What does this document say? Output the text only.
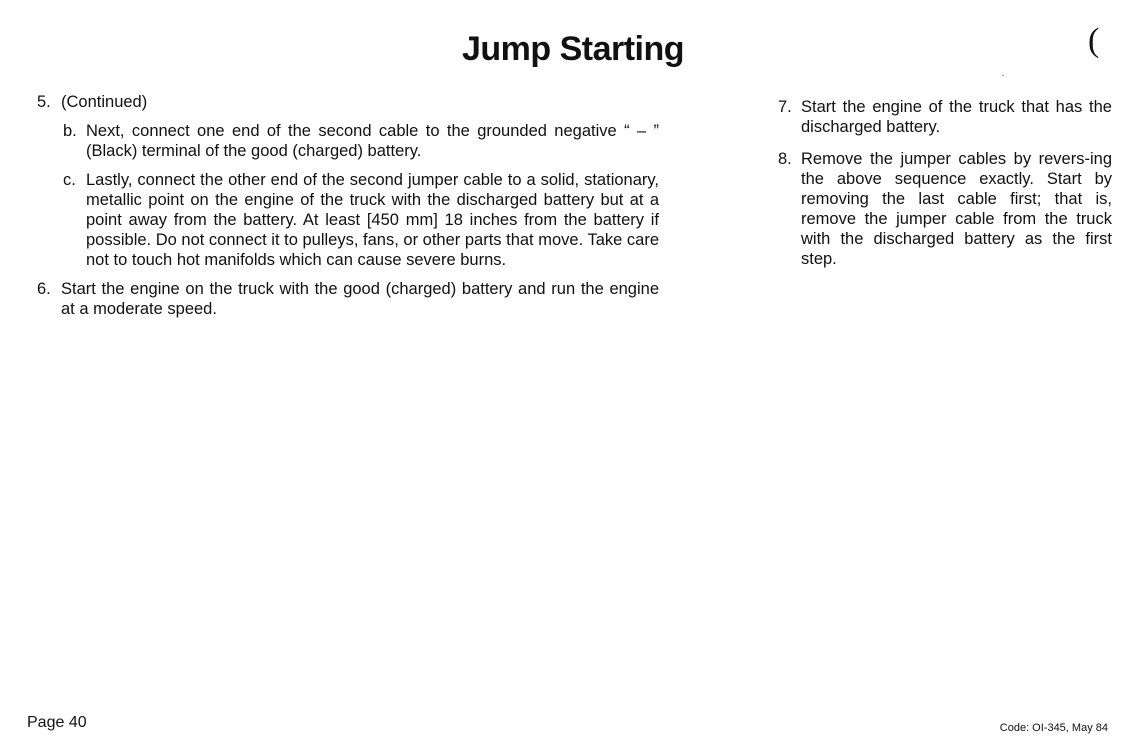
Jump Starting	(
5. (Continued)
b. Next, connect one end of the second cable to the grounded negative “ – ” (Black) terminal of the good (charged) battery.
c. Lastly, connect the other end of the second jumper cable to a solid, stationary, metallic point on the engine of the truck with the discharged battery but at a point away from the battery. At least [450 mm] 18 inches from the battery if possible. Do not connect it to pulleys, fans, or other parts that move. Take care not to touch hot manifolds which can cause severe burns.
6. Start the engine on the truck with the good (charged) battery and run the engine at a moderate speed.
7. Start the engine of the truck that has the discharged battery.
8. Remove the jumper cables by revers-ing the above sequence exactly. Start by removing the last cable first; that is, remove the jumper cable from the truck with the discharged battery as the first step.
Page 40	Code: OI-345, May 84
